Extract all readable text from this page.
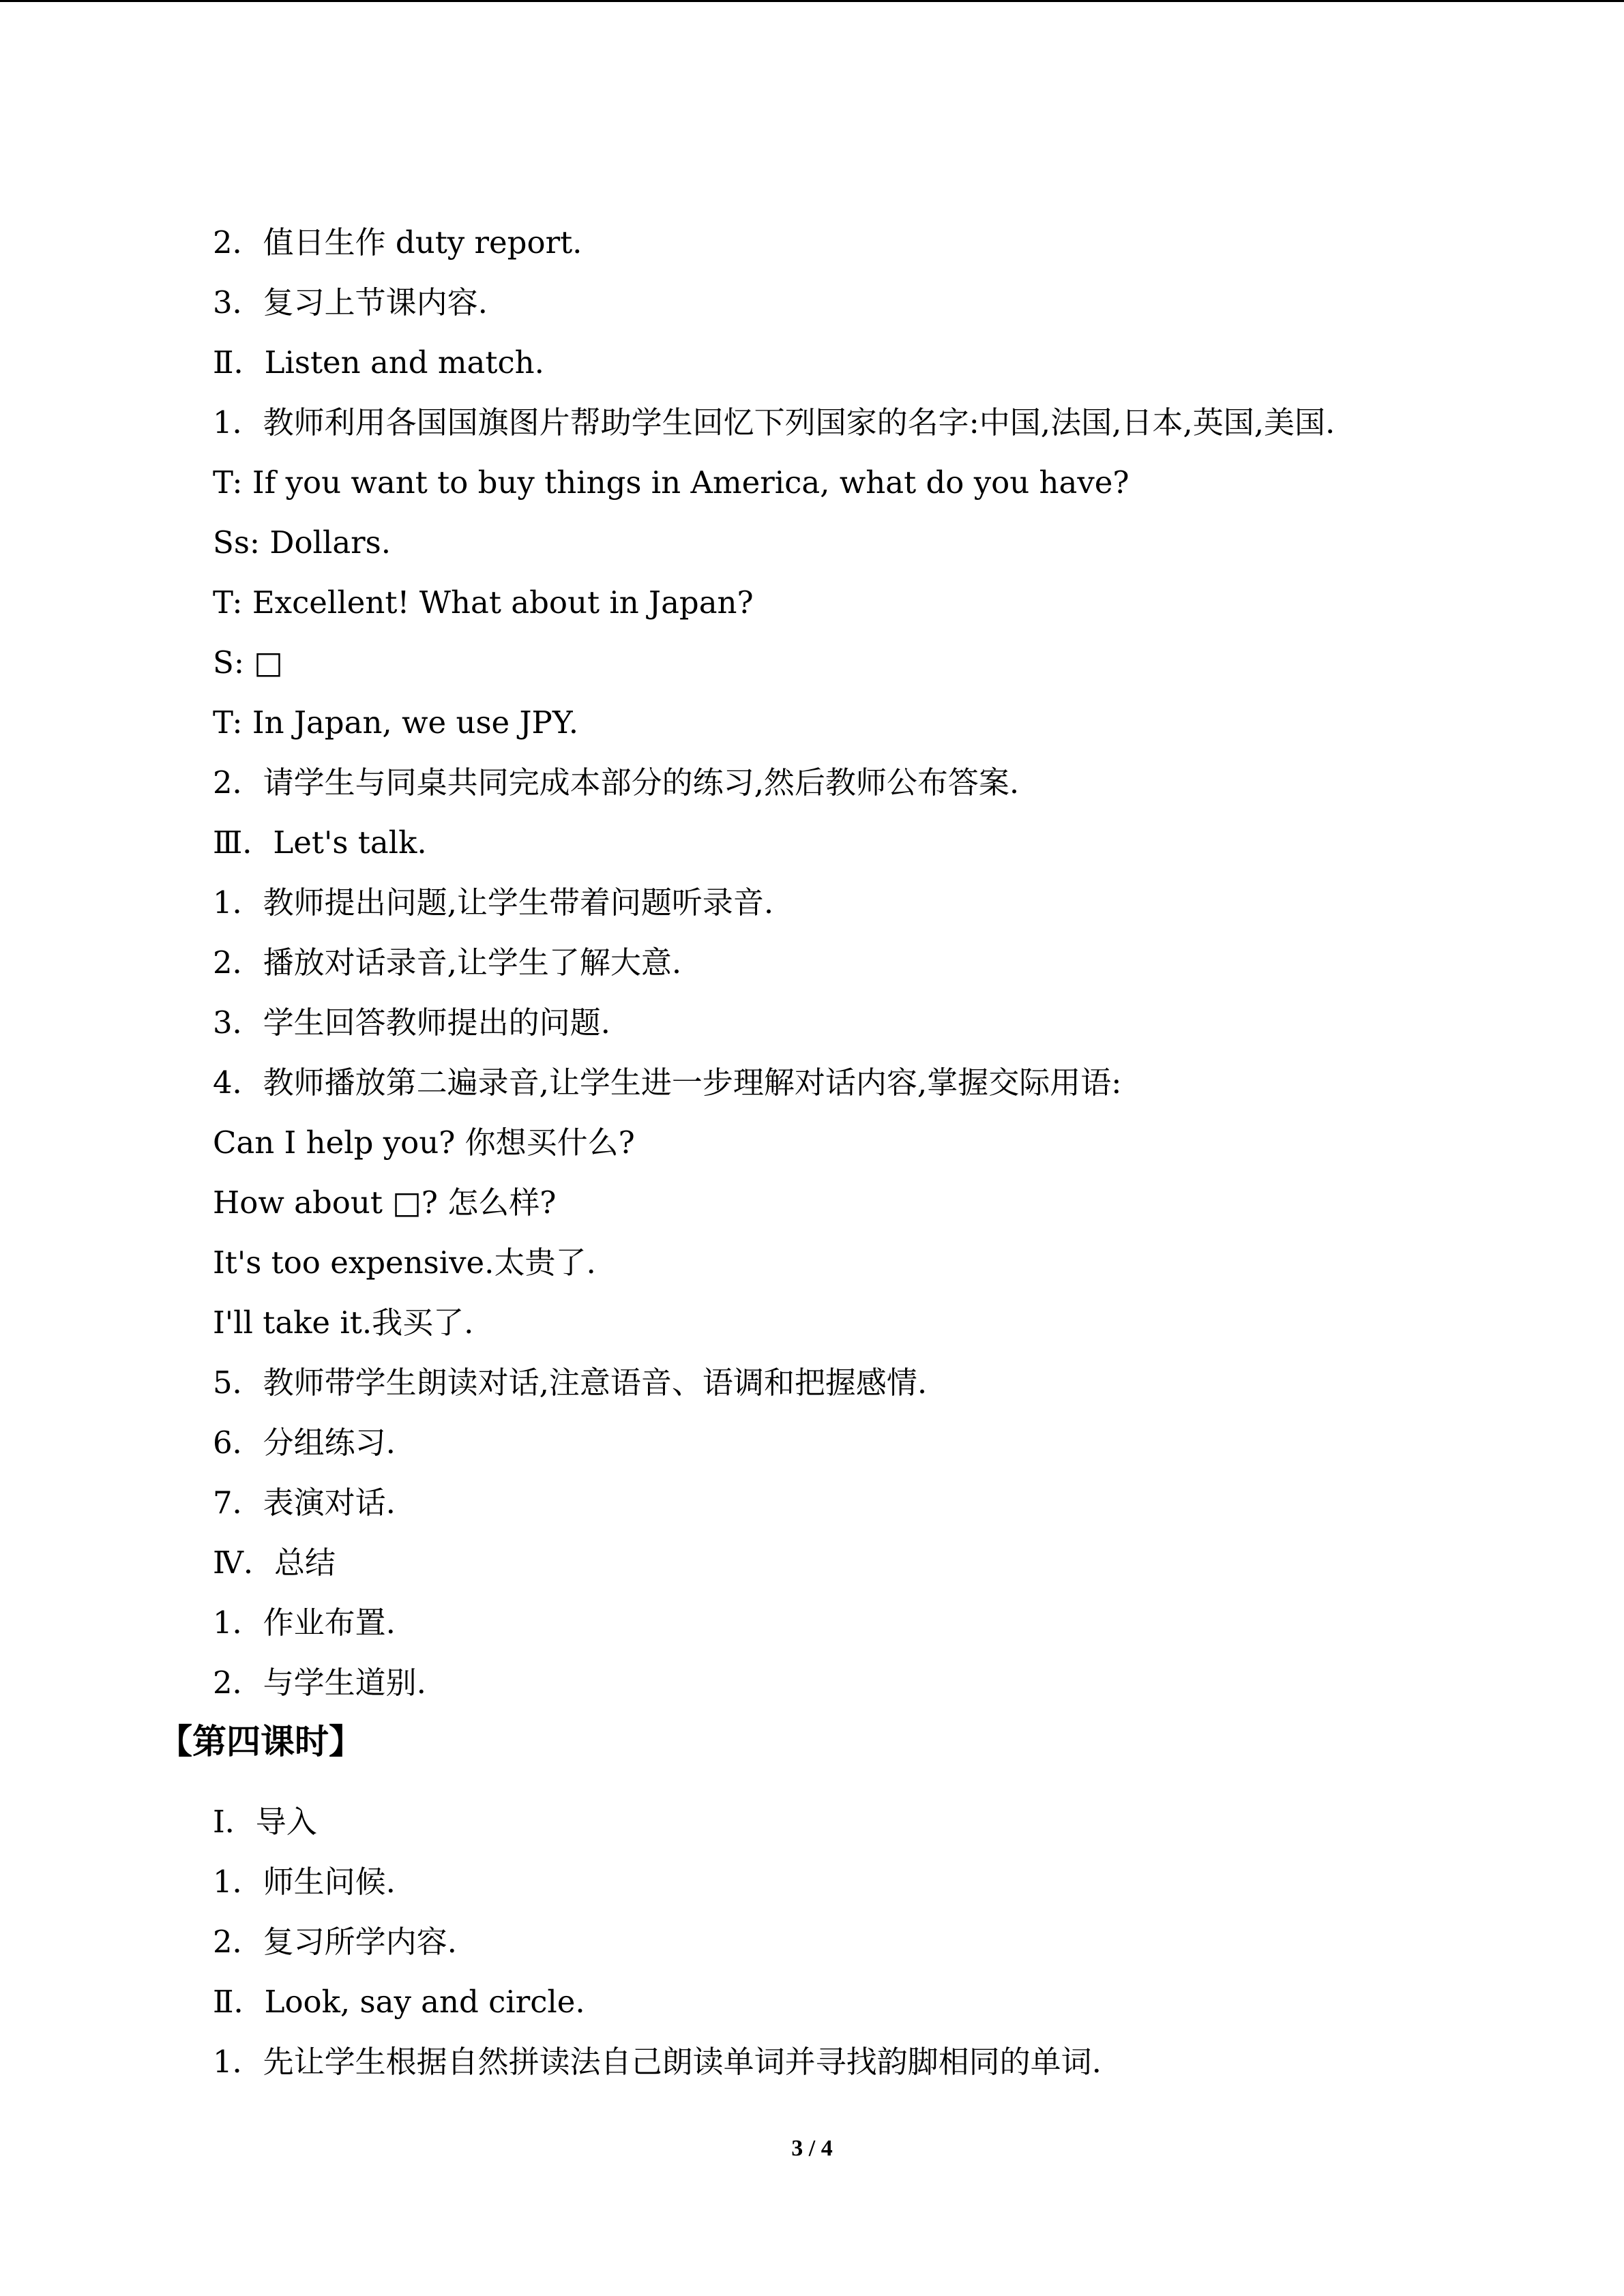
2．值日生作 duty report.
3．复习上节课内容.
Ⅱ．Listen and match.
1．教师利用各国国旗图片帮助学生回忆下列国家的名字:中国,法国,日本,英国,美国.
T: If you want to buy things in America, what do you have?
Ss: Dollars.
T: Excellent! What about in Japan?
S: □
T: In Japan, we use JPY.
2．请学生与同桌共同完成本部分的练习,然后教师公布答案.
Ⅲ．Let's talk.
1．教师提出问题,让学生带着问题听录音.
2．播放对话录音,让学生了解大意.
3．学生回答教师提出的问题.
4．教师播放第二遍录音,让学生进一步理解对话内容,掌握交际用语:
Can I help you? 你想买什么?
How about □? 怎么样?
It's too expensive.太贵了.
I'll take it.我买了.
5．教师带学生朗读对话,注意语音、语调和把握感情.
6．分组练习.
7．表演对话.
Ⅳ．总结
1．作业布置.
2．与学生道别.
【第四课时】
Ⅰ．导入
1．师生问候.
2．复习所学内容.
Ⅱ．Look, say and circle.
1．先让学生根据自然拼读法自己朗读单词并寻找韵脚相同的单词.
3 / 4
